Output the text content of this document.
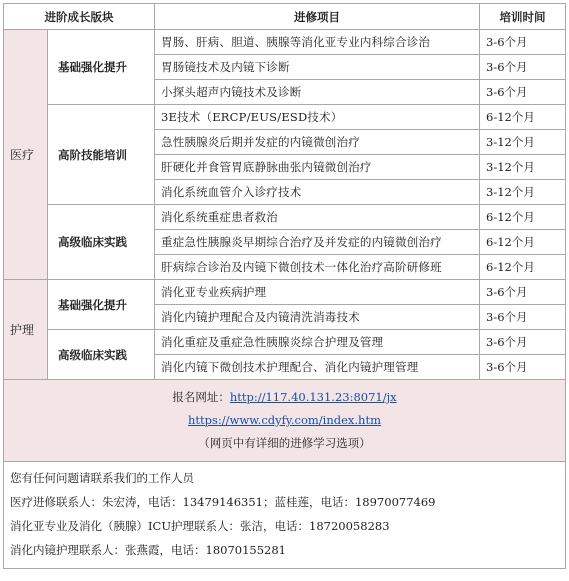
进阶成长版块		进修项目	培训时间
医疗	基础强化提升	胃肠、肝病、胆道、胰腺等消化亚专业内科综合诊治	3-6个月
		胃肠镜技术及内镜下诊断	3-6个月
		小探头超声内镜技术及诊断	3-6个月
	高阶技能培训	3E技术（ERCP/EUS/ESD技术）	6-12个月
		急性胰腺炎后期并发症的内镜微创治疗	3-12个月
		肝硬化并食管胃底静脉曲张内镜微创治疗	3-12个月
		消化系统血管介入诊疗技术	3-12个月
	高级临床实践	消化系统重症患者救治	6-12个月
		重症急性胰腺炎早期综合治疗及并发症的内镜微创治疗	6-12个月
		肝病综合诊治及内镜下微创技术一体化治疗高阶研修班	6-12个月
护理	基础强化提升	消化亚专业疾病护理	3-6个月
		消化内镜护理配合及内镜清洗消毒技术	3-6个月
	高级临床实践	消化重症及重症急性胰腺炎综合护理及管理	3-6个月
		消化内镜下微创技术护理配合、消化内镜护理管理	3-6个月

报名网址：http://117.40.131.23:8071/jx
https://www.cdyfy.com/index.htm
（网页中有详细的进修学习选项）			

您有任何问题请联系我们的工作人员
医疗进修联系人：朱宏涛，电话：13479146351；蓝桂莲，电话：18970077469
消化亚专业及消化（胰腺）ICU护理联系人：张洁，电话：18720058283
消化内镜护理联系人：张燕霞，电话：18070155281			
